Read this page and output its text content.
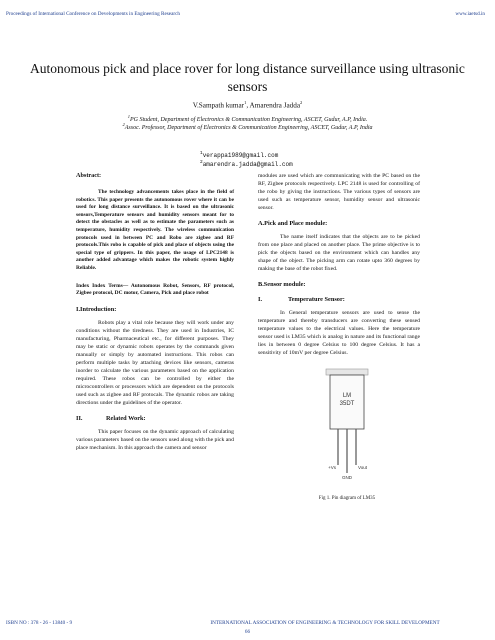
Proceedings of International Conference on Developments in Engineering Research	www.iaetsd.in
Autonomous pick and place rover for long distance surveillance using ultrasonic sensors
V.Sampath kumar$^1$, Amarendra Jadda$^2$
$^1$PG Student, Department of Electronics & Communication Engineering, ASCET, Gudur, A.P, India.
$^2$Assoc. Professor, Department of Electronics & Communication Engineering, ASCET, Gudur, A.P, India
$^1$verappa1989@gmail.com
$^2$amarendra.jadda@gmail.com
Abstract:

The technology advancements takes place in the field of robotics. This paper presents the autonomous rover where it can be used for long distance surveillance. It is based on the ultrasonic sensors,Temperature sensors and humidity sensors meant for to detect the obstacles as well as to estimate the parameters such as temperature, humidity respectively. The wireless communication protocols used in between PC and Robo are zigbee and RF protocols.This robo is capable of pick and place of objects using the special type of grippers. In this paper, the usage of LPC2148 is another added advantage which makes the robotic system highly Reliable.

Index Index Terms— Autonomous Robot, Sensors, RF protocol, Zigbee protocol, DC motor, Camera, Pick and place robot

I.Introduction:

Robots play a vital role because they will work under any conditions without the tiredness. They are used in Industries, IC manufacturing, Pharmaceutical etc., for different purposes. They may be static or dynamic robots operates by the commands given manually or simply by automated instructions. This robos can perform multiple tasks by attaching devices like sensors, cameras inorder to calculate the various parameters based on the application required. These robos can be controlled by either the microcontrollers or processors which are dependent on the protocols used such as zigbee and RF protocals. The dynamic robos are taking directions under the guidelines of the operator.

II.	Related Work:

This paper focuses on the dynamic approach of calculating various parameters based on the sensors used along with the pick and place mechanism. In this approach the camera and sensor

modules are used which are communicating with the PC based on the RF, Zigbee protocols respectively. LPC 2148 is used for controlling of the robo by giving the instructions. The various types of sensors are used such as temperature sensor, humidity sensor and ultrasonic sensor.

A.Pick and Place module:

The name itself indicates that the objects are to be picked from one place and placed on another place. The prime objective is to pick the objects based on the environment which can handles any shape of the object. The picking arm can rotate upto 360 degrees by making the base of the robot fixed.

B.Sensor module:
I.	Temperature Sensor:

In General temperature sensors are used to sense the temperature and thereby transducers are converting these sensed temperature values to the electrical values. Here the temperature sensor used is LM35 which is analog in nature and its functional range lies in between 0 degree Celsius to 100 degree Celsius. It has a sensitivity of 10mV per degree Celsius.

LM
35DT
+Vs
GND
Vout
Fig 1. Pin diagram of LM35
ISBN NO : 378 - 26 - 13840 - 9	INTERNATIONAL ASSOCIATION OF ENGINEERING & TECHNOLOGY FOR SKILL DEVELOPMENT
66
